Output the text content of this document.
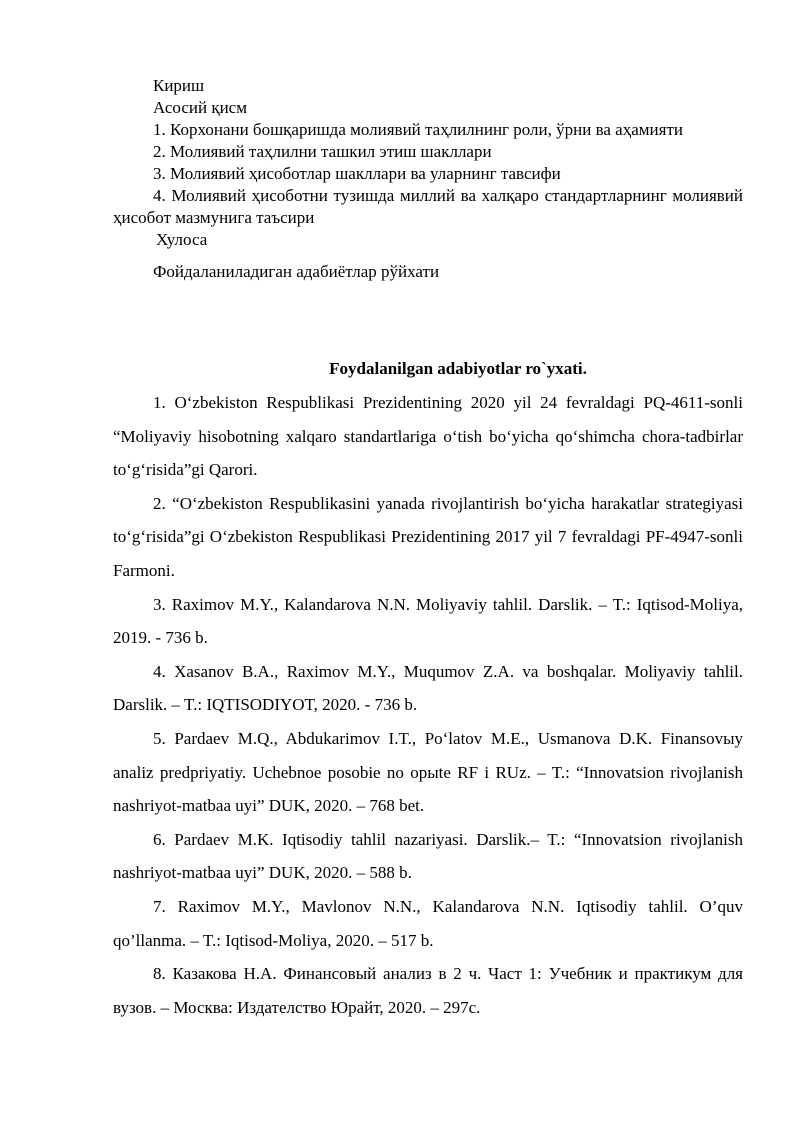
Кириш

Асосий қисм

1. Корхонани бошқаришда молиявий таҳлилнинг роли, ўрни ва аҳамияти

2. Молиявий таҳлилни ташкил этиш шакллари

3. Молиявий ҳисоботлар шакллари ва уларнинг тавсифи

4. Молиявий ҳисоботни тузишда миллий ва халқаро стандартларнинг молиявий ҳисобот мазмунига таъсири

Хулоса

Фойдаланиладиган адабиётлар рўйхати

Foydalanilgan adabiyotlar ro`yxati.

1. O‘zbekiston Respublikasi Prezidentining 2020 yil 24 fevraldagi PQ-4611-sonli “Moliyaviy hisobotning xalqaro standartlariga o‘tish bo‘yicha qo‘shimcha chora-tadbirlar to‘g‘risida”gi Qarori.

2. “O‘zbekiston Respublikasini yanada rivojlantirish bo‘yicha harakatlar strategiyasi to‘g‘risida”gi O‘zbekiston Respublikasi Prezidentining 2017 yil 7 fevraldagi PF-4947-sonli Farmoni.

3. Raximov M.Y., Kalandarova N.N. Moliyaviy tahlil. Darslik. – T.: Iqtisod-Moliya, 2019. - 736 b.

4. Xasanov B.A., Raximov M.Y., Muqumov Z.A. va boshqalar. Moliyaviy tahlil. Darslik. – T.: IQTISODIYOT, 2020. - 736 b.

5. Pardaev M.Q., Abdukarimov I.T., Po‘latov M.E., Usmanova D.K. Finansovыy analiz predpriyatiy. Uchebnoe posobie no орыte RF i RUz. – T.: “Innovatsion rivojlanish nashriyot-matbaa uyi” DUK, 2020. – 768 bet.

6. Pardaev M.K. Iqtisodiy tahlil nazariyasi. Darslik.– T.: “Innovatsion rivojlanish nashriyot-matbaa uyi” DUK, 2020. – 588 b.

7. Raximov M.Y., Mavlonov N.N., Kalandarova N.N. Iqtisodiy tahlil. O’quv qo’llanma. – T.: Iqtisod-Moliya, 2020. – 517 b.

8. Казакова Н.А. Финансовый анализ в 2 ч. Част 1: Учебник и практикум для вузов. – Москва: Издателство Юрайт, 2020. – 297с.
